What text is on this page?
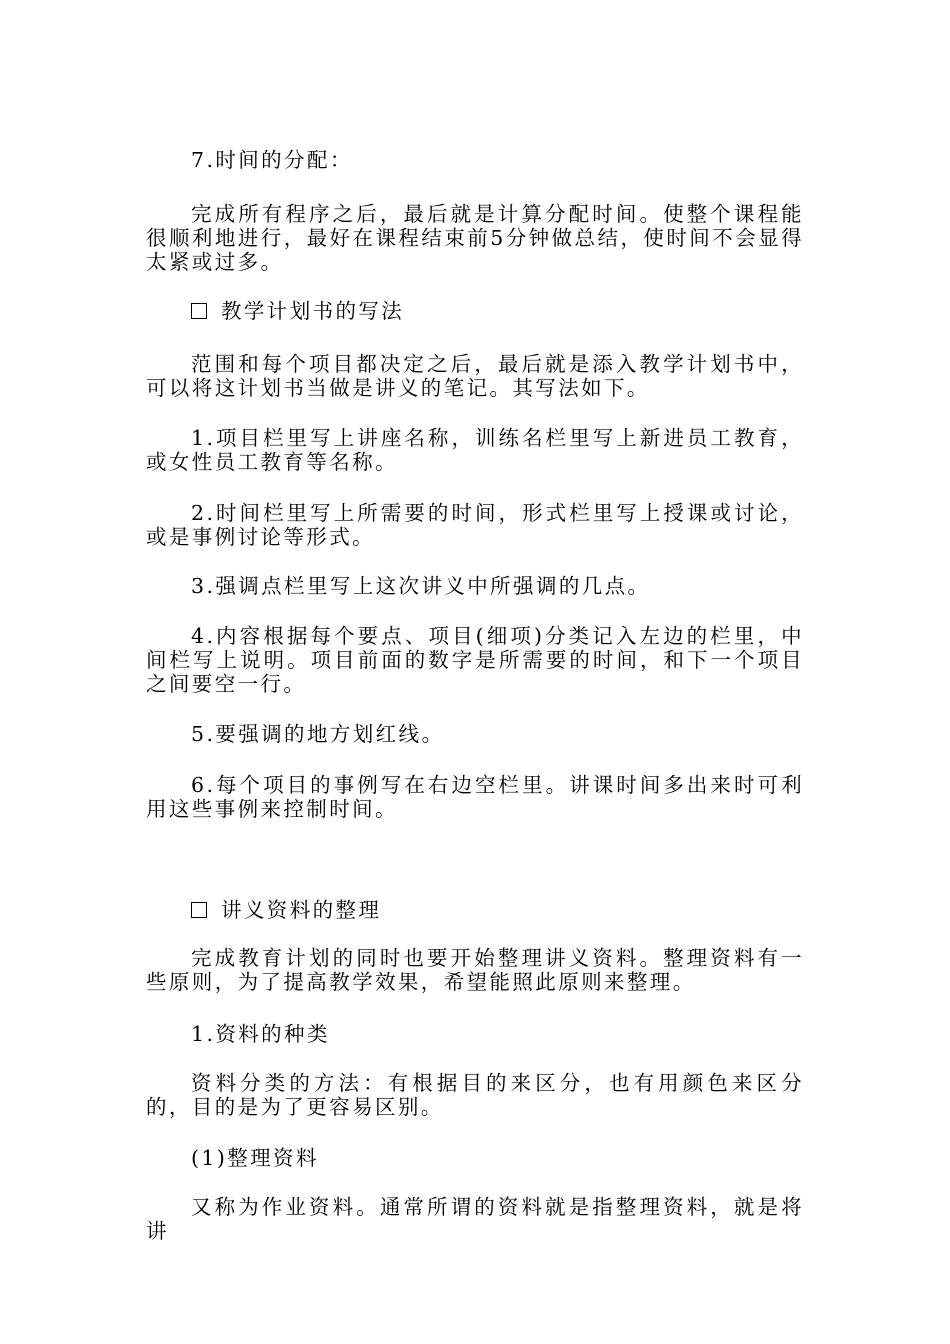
7.时间的分配：

完成所有程序之后，最后就是计算分配时间。使整个课程能很顺利地进行，最好在课程结束前5分钟做总结，使时间不会显得太紧或过多。

教学计划书的写法

范围和每个项目都决定之后，最后就是添入教学计划书中，可以将这计划书当做是讲义的笔记。其写法如下。

1.项目栏里写上讲座名称，训练名栏里写上新进员工教育，或女性员工教育等名称。

2.时间栏里写上所需要的时间，形式栏里写上授课或讨论，或是事例讨论等形式。

3.强调点栏里写上这次讲义中所强调的几点。

4.内容根据每个要点、项目(细项)分类记入左边的栏里，中间栏写上说明。项目前面的数字是所需要的时间，和下一个项目之间要空一行。

5.要强调的地方划红线。

6.每个项目的事例写在右边空栏里。讲课时间多出来时可利用这些事例来控制时间。

讲义资料的整理

完成教育计划的同时也要开始整理讲义资料。整理资料有一些原则，为了提高教学效果，希望能照此原则来整理。

1.资料的种类

资料分类的方法：有根据目的来区分，也有用颜色来区分的，目的是为了更容易区别。

(1)整理资料

又称为作业资料。通常所谓的资料就是指整理资料，就是将讲
